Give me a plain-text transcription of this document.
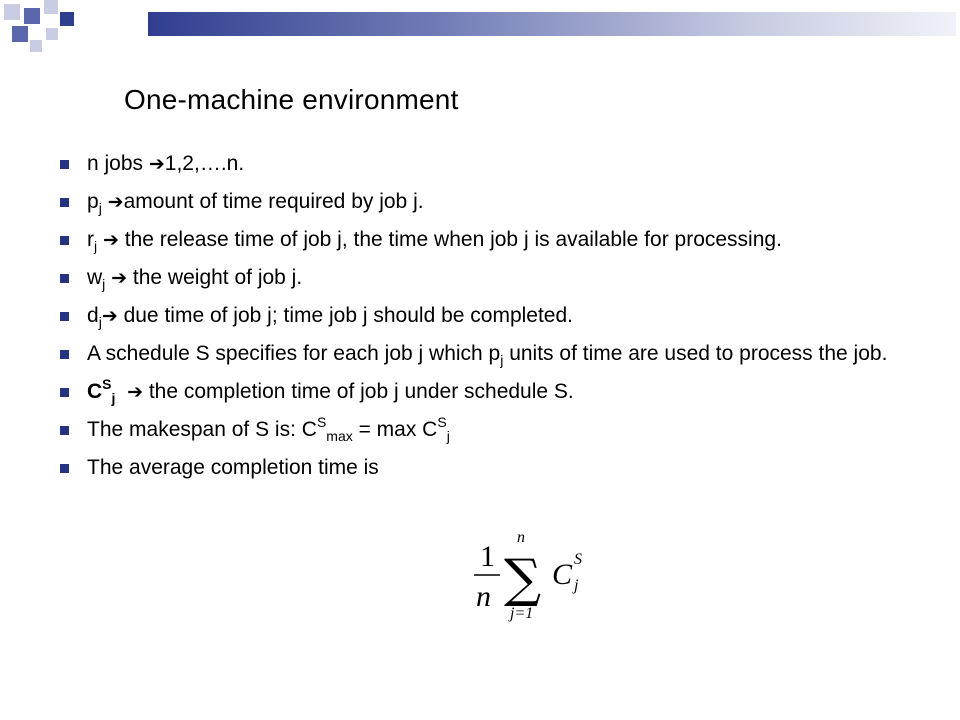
One-machine environment
n jobs ➔1,2,….n.
$p_j$ ➔amount of time required by job j.
$r_j$ ➔ the release time of job j, the time when job j is available for processing.
$w_j$ ➔ the weight of job j.
$d_j➔$ due time of job j; time job j should be completed.
A schedule S specifies for each job j which $p_j$ units of time are used to process the job.
$C^S_j$ ➔ the completion time of job j under schedule S.
The makespan of S is: $C^S_{max} = \max C^S_j$
The average completion time is
1
n
n
∑
j=1
C S
j
